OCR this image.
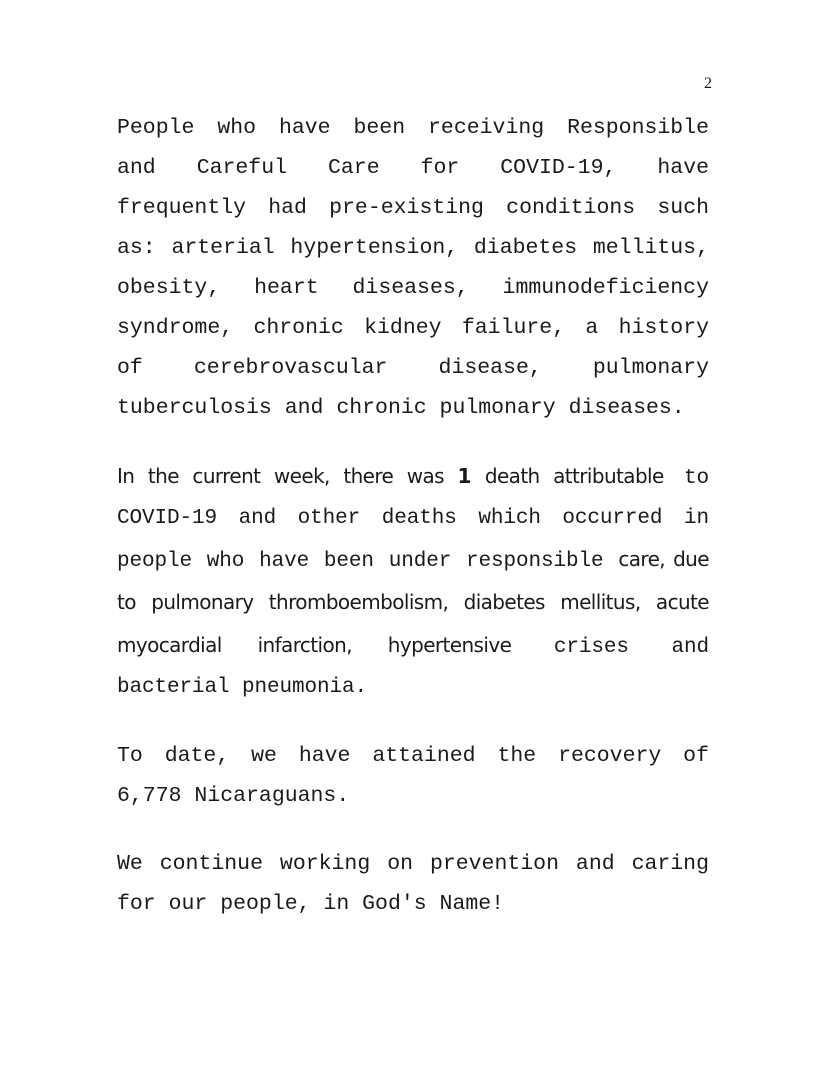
2

People who have been receiving Responsible and Careful Care for COVID-19, have frequently had pre-existing conditions such as: arterial hypertension, diabetes mellitus, obesity, heart diseases, immunodeficiency syndrome, chronic kidney failure, a history of cerebrovascular disease, pulmonary tuberculosis and chronic pulmonary diseases.

In the current week, there was 1 death attributable to COVID-19 and other deaths which occurred in people who have been under responsible care, due to pulmonary thromboembolism, diabetes mellitus, acute myocardial infarction, hypertensive crises and bacterial pneumonia.

To date, we have attained the recovery of 6,778 Nicaraguans.

We continue working on prevention and caring for our people, in God's Name!
